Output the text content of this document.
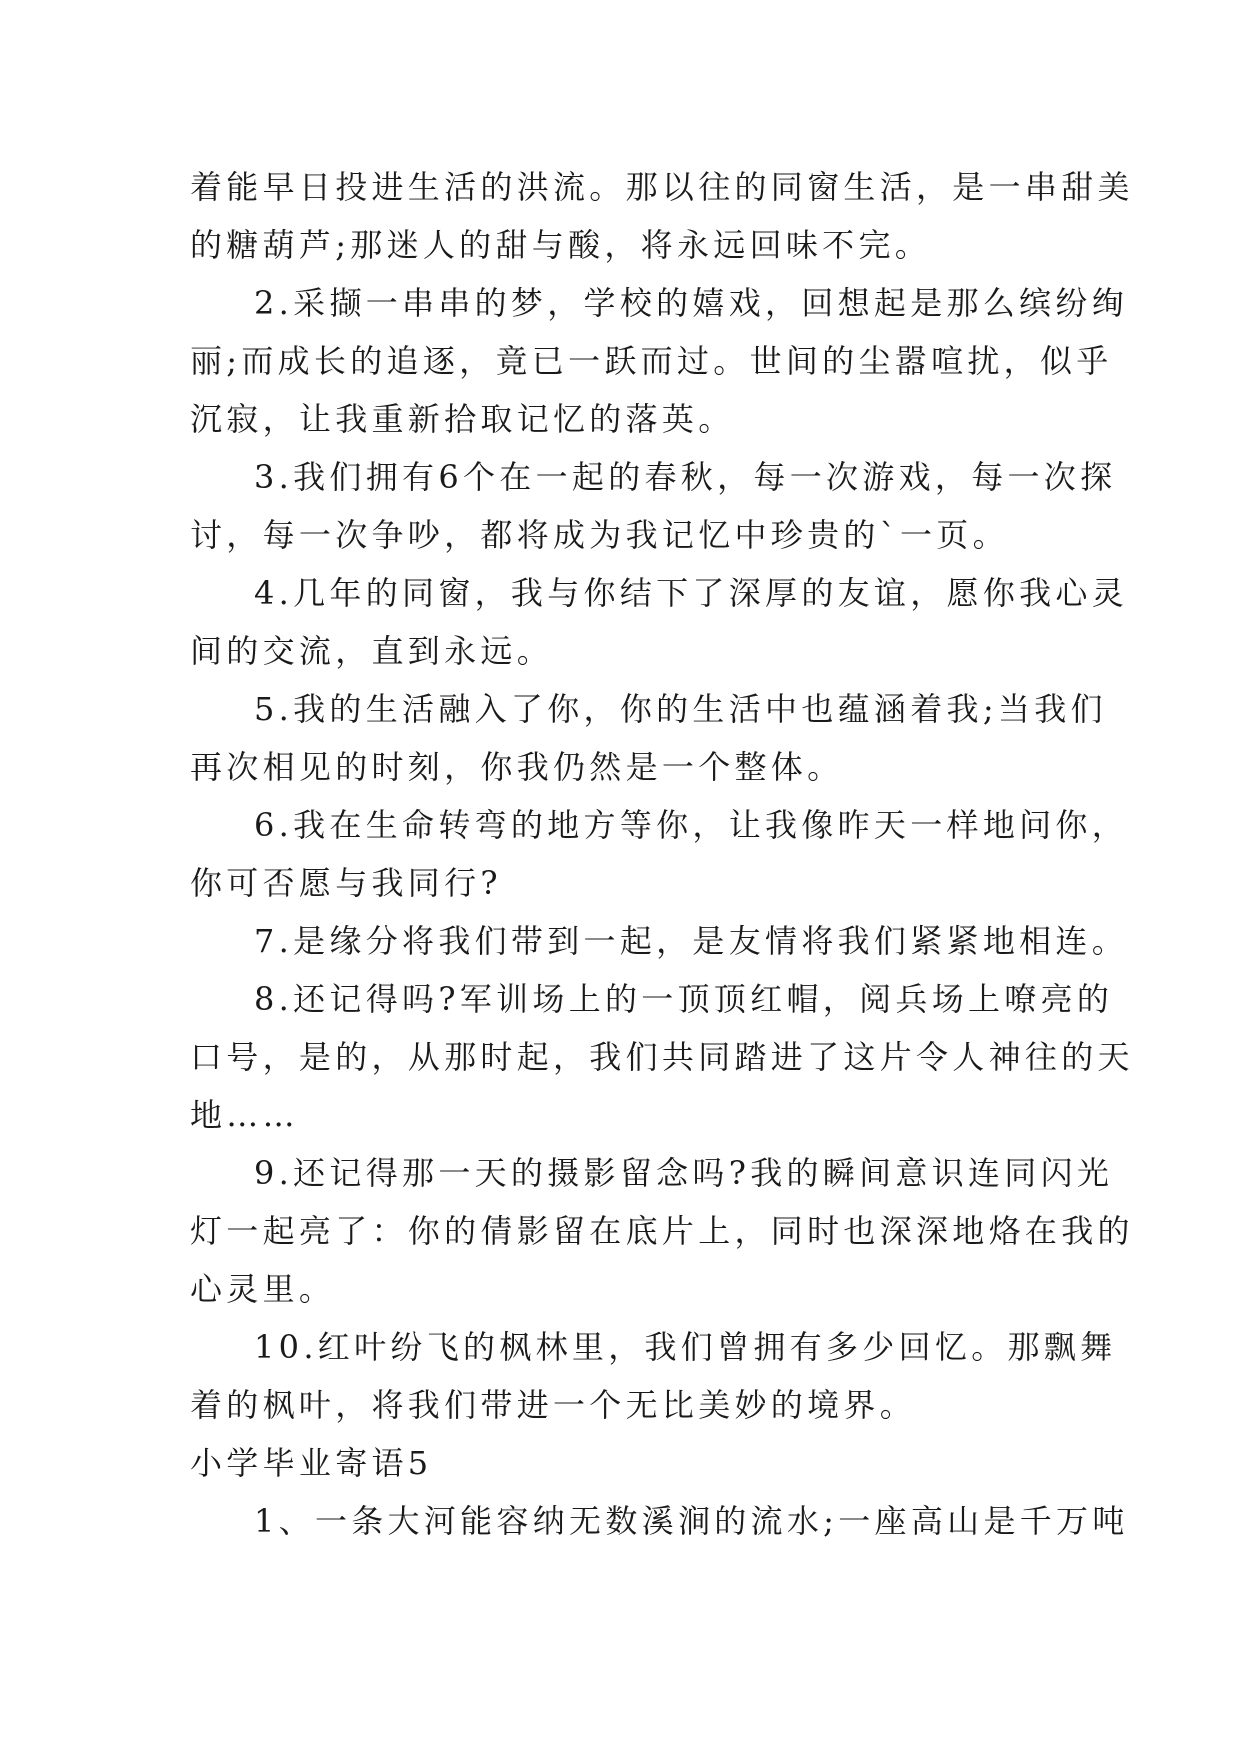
着能早日投进生活的洪流。那以往的同窗生活，是一串甜美
的糖葫芦;那迷人的甜与酸，将永远回味不完。
2.采撷一串串的梦，学校的嬉戏，回想起是那么缤纷绚
丽;而成长的追逐，竟已一跃而过。世间的尘嚣喧扰，似乎
沉寂，让我重新拾取记忆的落英。
3.我们拥有6个在一起的春秋，每一次游戏，每一次探
讨，每一次争吵，都将成为我记忆中珍贵的`一页。
4.几年的同窗，我与你结下了深厚的友谊，愿你我心灵
间的交流，直到永远。
5.我的生活融入了你，你的生活中也蕴涵着我;当我们
再次相见的时刻，你我仍然是一个整体。
6.我在生命转弯的地方等你，让我像昨天一样地问你，
你可否愿与我同行?
7.是缘分将我们带到一起，是友情将我们紧紧地相连。
8.还记得吗?军训场上的一顶顶红帽，阅兵场上嘹亮的
口号，是的，从那时起，我们共同踏进了这片令人神往的天
地……
9.还记得那一天的摄影留念吗?我的瞬间意识连同闪光
灯一起亮了：你的倩影留在底片上，同时也深深地烙在我的
心灵里。
10.红叶纷飞的枫林里，我们曾拥有多少回忆。那飘舞
着的枫叶，将我们带进一个无比美妙的境界。
小学毕业寄语5
1、一条大河能容纳无数溪涧的流水;一座高山是千万吨
